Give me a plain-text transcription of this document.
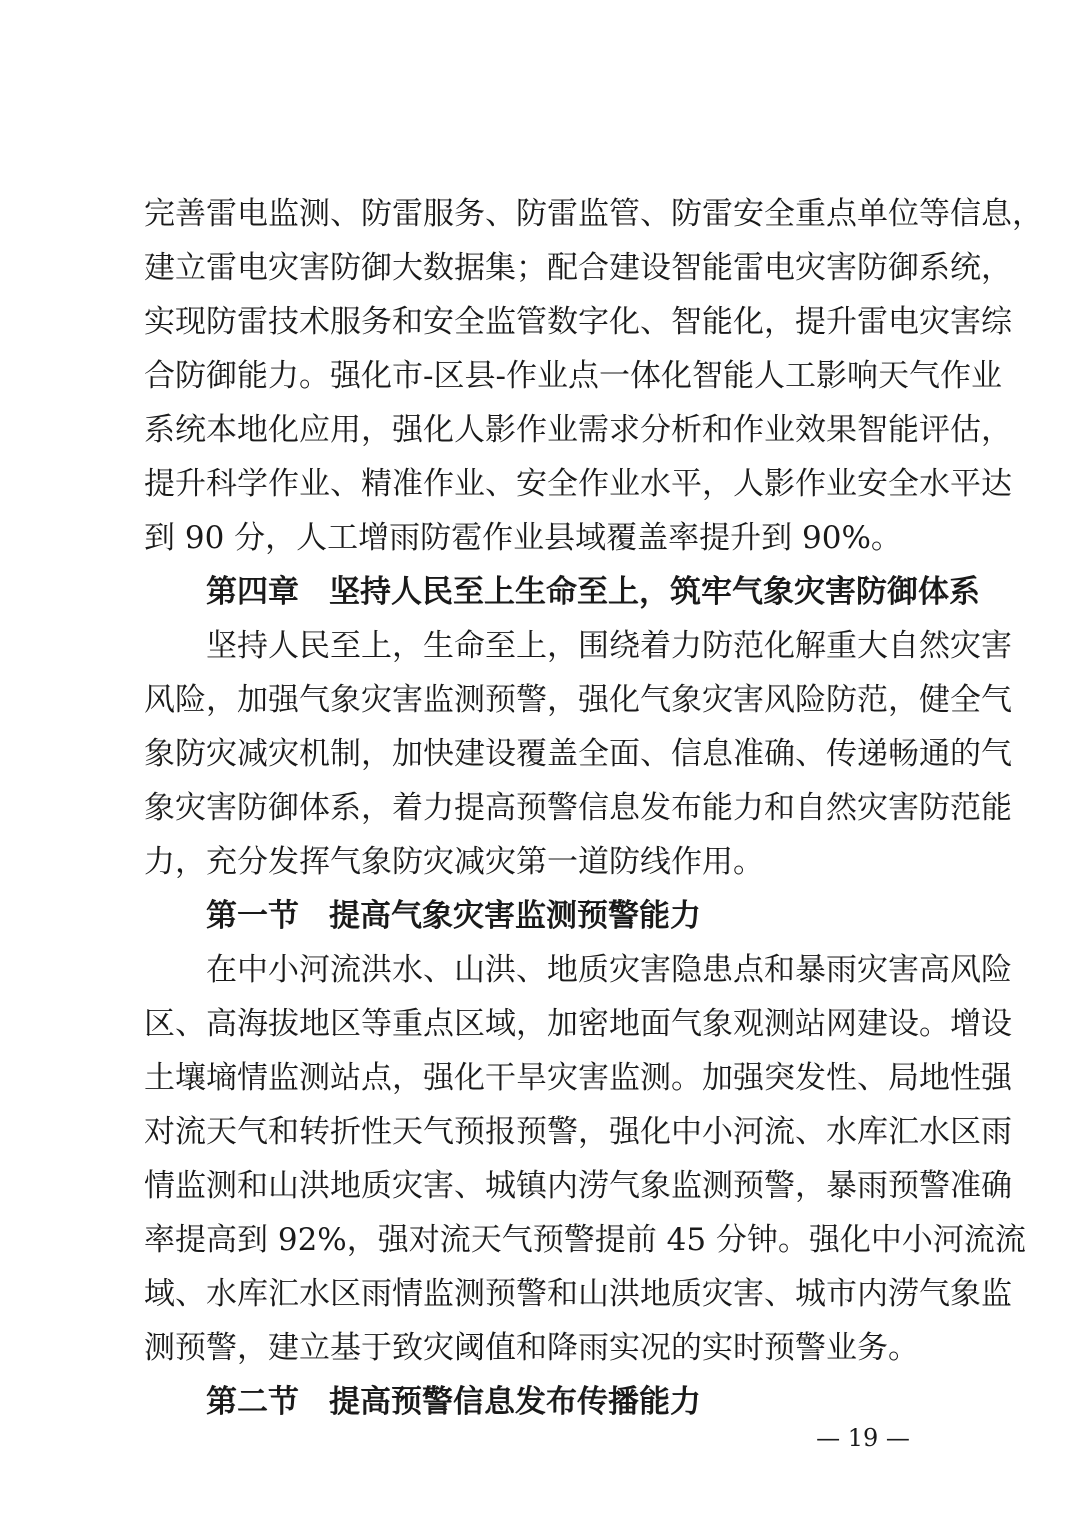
完善雷电监测、防雷服务、防雷监管、防雷安全重点单位等信息，
建立雷电灾害防御大数据集；配合建设智能雷电灾害防御系统，
实现防雷技术服务和安全监管数字化、智能化，提升雷电灾害综
合防御能力。强化市-区县-作业点一体化智能人工影响天气作业
系统本地化应用，强化人影作业需求分析和作业效果智能评估，
提升科学作业、精准作业、安全作业水平，人影作业安全水平达
到 90 分，人工增雨防雹作业县域覆盖率提升到 90%。
第四章 坚持人民至上生命至上，筑牢气象灾害防御体系
坚持人民至上，生命至上，围绕着力防范化解重大自然灾害
风险，加强气象灾害监测预警，强化气象灾害风险防范，健全气
象防灾减灾机制，加快建设覆盖全面、信息准确、传递畅通的气
象灾害防御体系，着力提高预警信息发布能力和自然灾害防范能
力，充分发挥气象防灾减灾第一道防线作用。
第一节 提高气象灾害监测预警能力
在中小河流洪水、山洪、地质灾害隐患点和暴雨灾害高风险
区、高海拔地区等重点区域，加密地面气象观测站网建设。增设
土壤墒情监测站点，强化干旱灾害监测。加强突发性、局地性强
对流天气和转折性天气预报预警，强化中小河流、水库汇水区雨
情监测和山洪地质灾害、城镇内涝气象监测预警，暴雨预警准确
率提高到 92%，强对流天气预警提前 45 分钟。强化中小河流流
域、水库汇水区雨情监测预警和山洪地质灾害、城市内涝气象监
测预警，建立基于致灾阈值和降雨实况的实时预警业务。
第二节 提高预警信息发布传播能力
— 19 —
